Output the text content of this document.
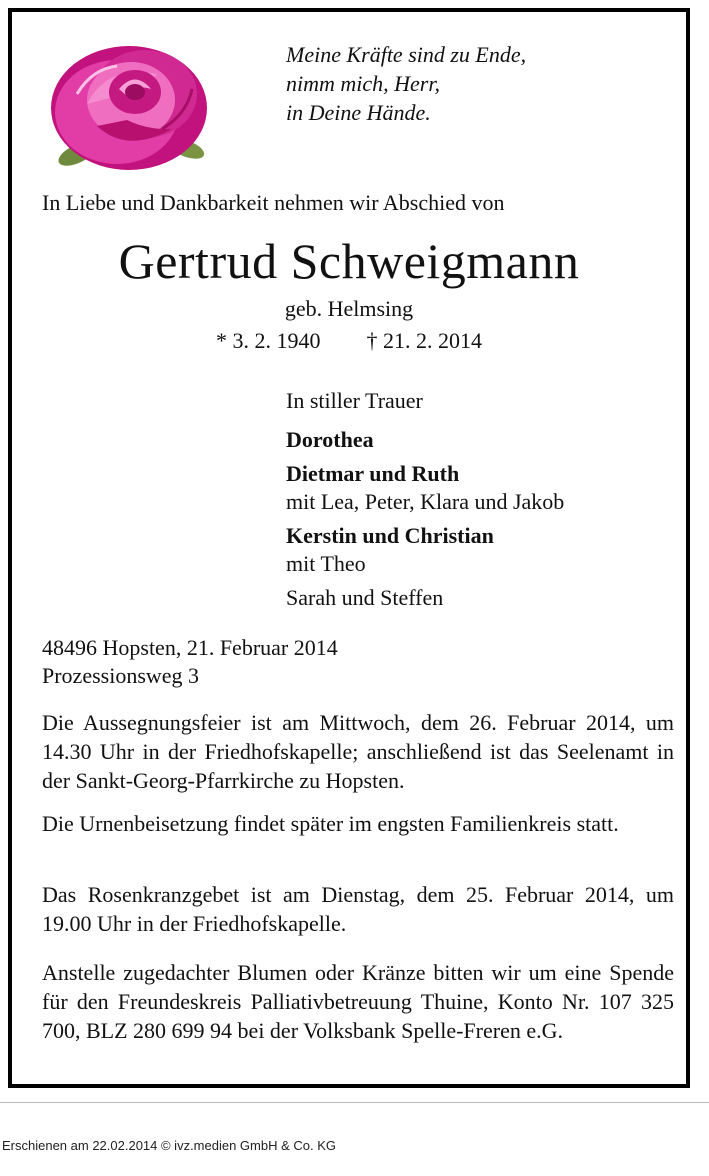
Meine Kräfte sind zu Ende,
nimm mich, Herr,
in Deine Hände.
In Liebe und Dankbarkeit nehmen wir Abschied von
Gertrud Schweigmann
geb. Helmsing
* 3. 2. 1940 † 21. 2. 2014
In stiller Trauer
Dorothea
Dietmar und Ruth
mit Lea, Peter, Klara und Jakob
Kerstin und Christian
mit Theo
Sarah und Steffen
48496 Hopsten, 21. Februar 2014
Prozessionsweg 3
Die Aussegnungsfeier ist am Mittwoch, dem 26. Februar 2014, um 14.30 Uhr in der Friedhofskapelle; anschließend ist das Seelenamt in der Sankt-Georg-Pfarrkirche zu Hopsten.
Die Urnenbeisetzung findet später im engsten Familienkreis statt.
Das Rosenkranzgebet ist am Dienstag, dem 25. Februar 2014, um 19.00 Uhr in der Friedhofskapelle.
Anstelle zugedachter Blumen oder Kränze bitten wir um eine Spende für den Freundeskreis Palliativbetreuung Thuine, Konto Nr. 107 325 700, BLZ 280 699 94 bei der Volksbank Spelle-Freren e.G.
Erschienen am 22.02.2014 © ivz.medien GmbH & Co. KG
